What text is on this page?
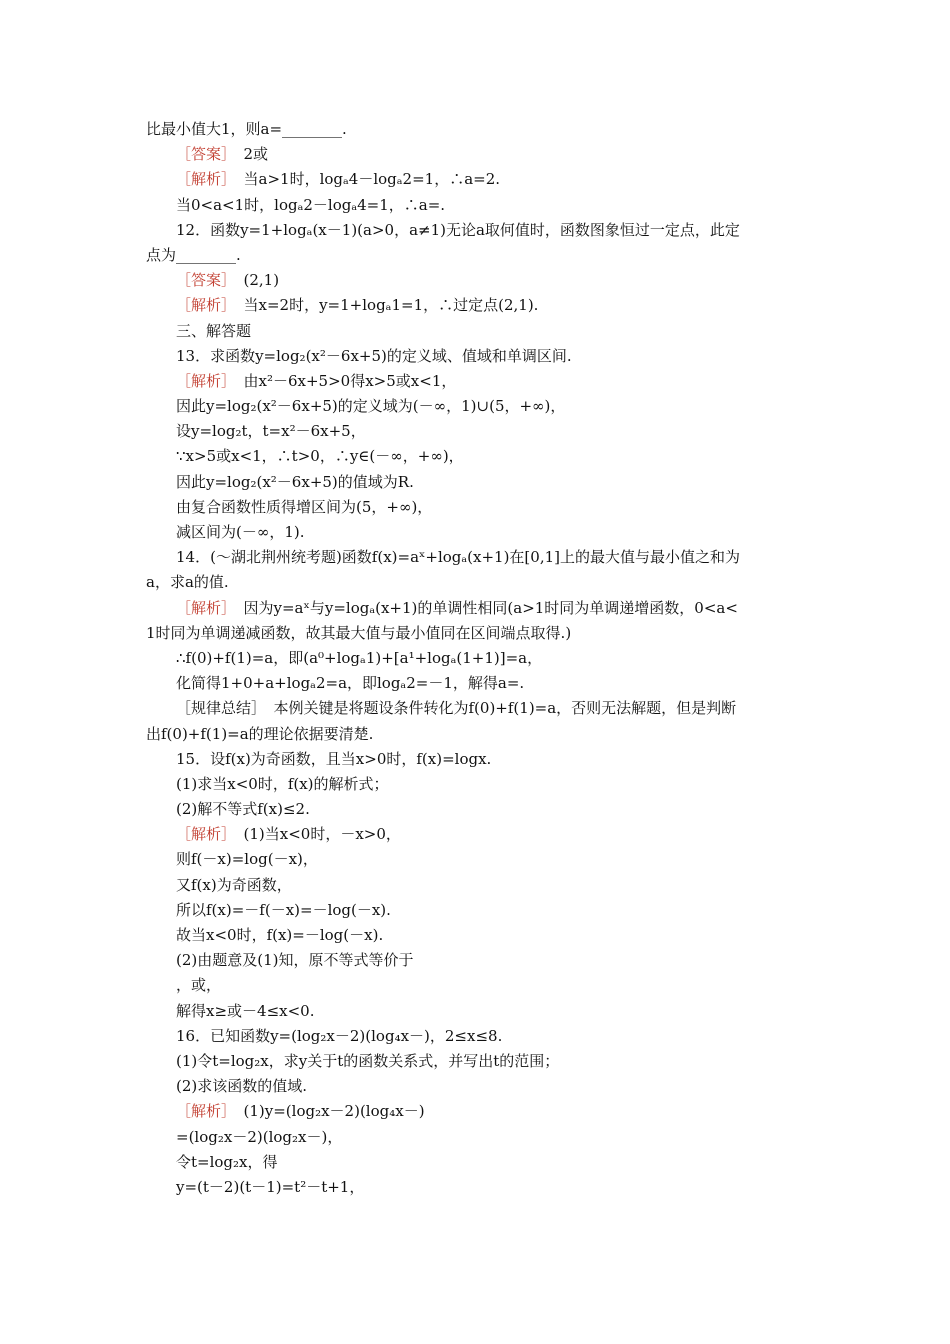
比最小值大1，则a=________.
［答案］　2或
［解析］　当a>1时，logₐ4－logₐ2=1，∴a=2.
当0<a<1时，logₐ2－logₐ4=1，∴a=.
12．函数y=1+logₐ(x－1)(a>0，a≠1)无论a取何值时，函数图象恒过一定点，此定
点为________.
［答案］　(2,1)
［解析］　当x=2时，y=1+logₐ1=1，∴过定点(2,1).
三、解答题
13．求函数y=log₂(x²－6x+5)的定义域、值域和单调区间.
［解析］　由x²－6x+5>0得x>5或x<1，
因此y=log₂(x²－6x+5)的定义域为(－∞，1)∪(5，+∞)，
设y=log₂t，t=x²－6x+5，
∵x>5或x<1，∴t>0，∴y∈(－∞，+∞)，
因此y=log₂(x²－6x+5)的值域为R.
由复合函数性质得增区间为(5，+∞)，
减区间为(－∞，1).
14．(～湖北荆州统考题)函数f(x)=aˣ+logₐ(x+1)在[0,1]上的最大值与最小值之和为
a，求a的值.
［解析］　因为y=aˣ与y=logₐ(x+1)的单调性相同(a>1时同为单调递增函数，0<a<
1时同为单调递减函数，故其最大值与最小值同在区间端点取得.)
∴f(0)+f(1)=a，即(a⁰+logₐ1)+[a¹+logₐ(1+1)]=a，
化简得1+0+a+logₐ2=a，即logₐ2=－1，解得a=.
［规律总结］　本例关键是将题设条件转化为f(0)+f(1)=a，否则无法解题，但是判断
出f(0)+f(1)=a的理论依据要清楚.
15．设f(x)为奇函数，且当x>0时，f(x)=logx.
(1)求当x<0时，f(x)的解析式；
(2)解不等式f(x)≤2.
［解析］　(1)当x<0时，－x>0，
则f(－x)=log(－x)，
又f(x)为奇函数，
所以f(x)=－f(－x)=－log(－x).
故当x<0时，f(x)=－log(－x).
(2)由题意及(1)知，原不等式等价于
，或，
解得x≥或－4≤x<0.
16．已知函数y=(log₂x－2)(log₄x－)，2≤x≤8.
(1)令t=log₂x，求y关于t的函数关系式，并写出t的范围；
(2)求该函数的值域.
［解析］　(1)y=(log₂x－2)(log₄x－)
=(log₂x－2)(log₂x－)，
令t=log₂x，得
y=(t－2)(t－1)=t²－t+1，
